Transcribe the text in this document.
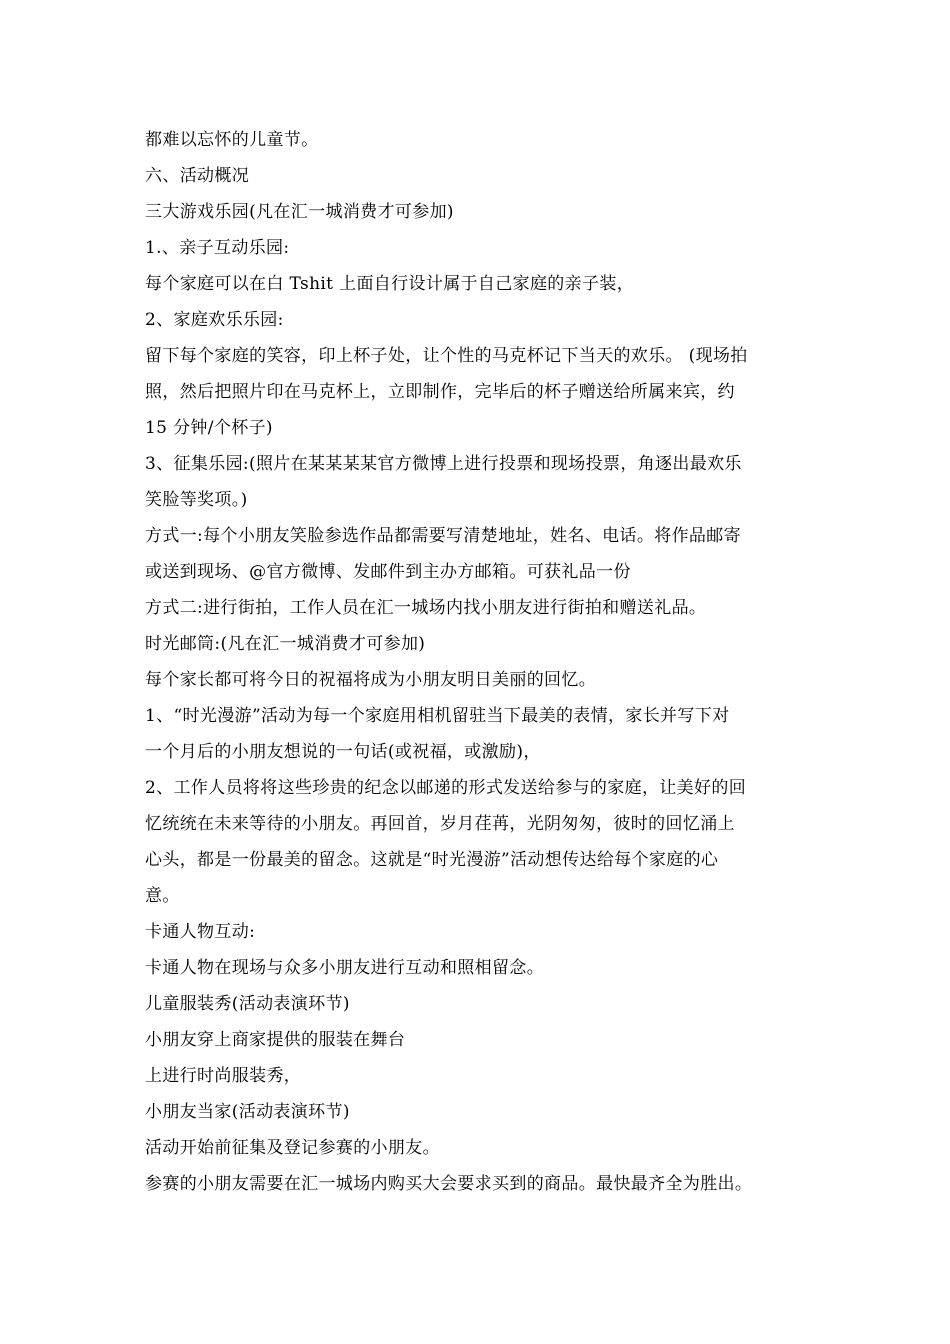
都难以忘怀的儿童节。
六、活动概况
三大游戏乐园(凡在汇一城消费才可参加)
1.、亲子互动乐园:
每个家庭可以在白 Tshit 上面自行设计属于自己家庭的亲子装，
2、家庭欢乐乐园:
留下每个家庭的笑容，印上杯子处，让个性的马克杯记下当天的欢乐。 (现场拍
照，然后把照片印在马克杯上，立即制作，完毕后的杯子赠送给所属来宾，约
15 分钟/个杯子)
3、征集乐园:(照片在某某某某官方微博上进行投票和现场投票，角逐出最欢乐
笑脸等奖项。)
方式一:每个小朋友笑脸参选作品都需要写清楚地址，姓名、电话。将作品邮寄
或送到现场、@官方微博、发邮件到主办方邮箱。可获礼品一份
方式二:进行街拍，工作人员在汇一城场内找小朋友进行街拍和赠送礼品。
时光邮筒:(凡在汇一城消费才可参加)
每个家长都可将今日的祝福将成为小朋友明日美丽的回忆。
1、“时光漫游”活动为每一个家庭用相机留驻当下最美的表情，家长并写下对
一个月后的小朋友想说的一句话(或祝福，或激励)，
2、工作人员将将这些珍贵的纪念以邮递的形式发送给参与的家庭，让美好的回
忆统统在未来等待的小朋友。再回首，岁月荏苒，光阴匆匆，彼时的回忆涌上
心头，都是一份最美的留念。这就是“时光漫游”活动想传达给每个家庭的心
意。
卡通人物互动:
卡通人物在现场与众多小朋友进行互动和照相留念。
儿童服装秀(活动表演环节)
小朋友穿上商家提供的服装在舞台
上进行时尚服装秀，
小朋友当家(活动表演环节)
活动开始前征集及登记参赛的小朋友。
参赛的小朋友需要在汇一城场内购买大会要求买到的商品。最快最齐全为胜出。
